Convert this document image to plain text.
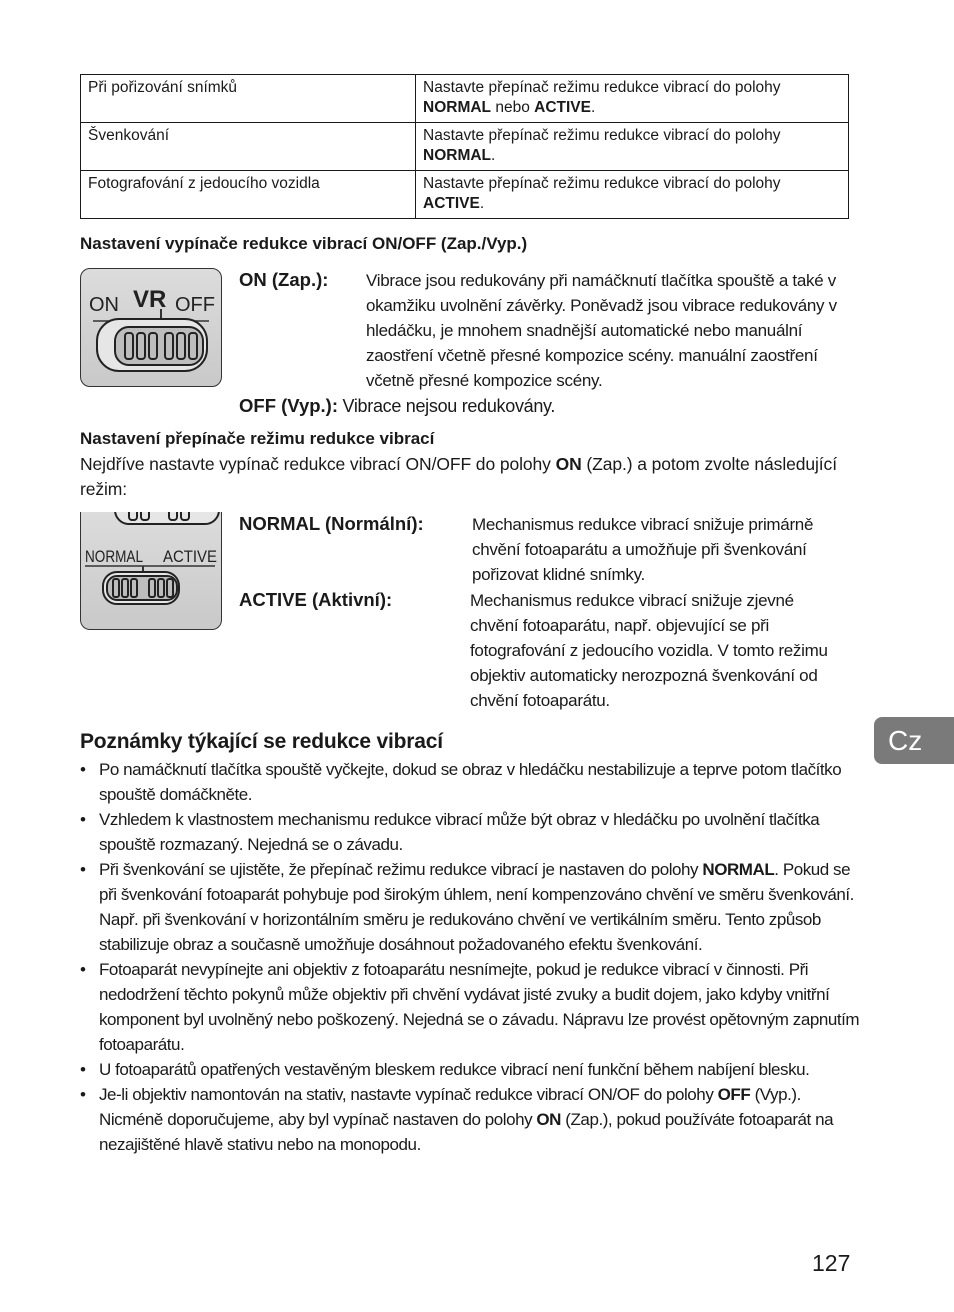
Při pořizování snímků	Nastavte přepínač režimu redukce vibrací do polohy NORMAL nebo ACTIVE.
Švenkování	Nastavte přepínač režimu redukce vibrací do polohy NORMAL.
Fotografování z jedoucího vozidla	Nastavte přepínač režimu redukce vibrací do polohy ACTIVE.
Nastavení vypínače redukce vibrací ON/OFF (Zap./Vyp.)
ON VR OFF
ON (Zap.): Vibrace jsou redukovány při namáčknutí tlačítka spouště a také v okamžiku uvolnění závěrky. Poněvadž jsou vibrace redukovány v hledáčku, je mnohem snadnější automatické nebo manuální zaostření včetně přesné kompozice scény. manuální zaostření včetně přesné kompozice scény.
OFF (Vyp.): Vibrace nejsou redukovány.
Nastavení přepínače režimu redukce vibrací
Nejdříve nastavte vypínač redukce vibrací ON/OFF do polohy ON (Zap.) a potom zvolte následující režim:
NORMAL ACTIVE
NORMAL (Normální):	Mechanismus redukce vibrací snižuje primárně chvění fotoaparátu a umožňuje při švenkování pořizovat klidné snímky.
ACTIVE (Aktivní):	Mechanismus redukce vibrací snižuje zjevné chvění fotoaparátu, např. objevující se při fotografování z jedoucího vozidla. V tomto režimu objektiv automaticky nerozpozná švenkování od chvění fotoaparátu.
Poznámky týkající se redukce vibrací
• Po namáčknutí tlačítka spouště vyčkejte, dokud se obraz v hledáčku nestabilizuje a teprve potom tlačítko spouště domáčkněte.
• Vzhledem k vlastnostem mechanismu redukce vibrací může být obraz v hledáčku po uvolnění tlačítka spouště rozmazaný. Nejedná se o závadu.
• Při švenkování se ujistěte, že přepínač režimu redukce vibrací je nastaven do polohy NORMAL. Pokud se při švenkování fotoaparát pohybuje pod širokým úhlem, není kompenzováno chvění ve směru švenkování. Např. při švenkování v horizontálním směru je redukováno chvění ve vertikálním směru. Tento způsob stabilizuje obraz a současně umožňuje dosáhnout požadovaného efektu švenkování.
• Fotoaparát nevypínejte ani objektiv z fotoaparátu nesnímejte, pokud je redukce vibrací v činnosti. Při nedodržení těchto pokynů může objektiv při chvění vydávat jisté zvuky a budit dojem, jako kdyby vnitřní komponent byl uvolněný nebo poškozený. Nejedná se o závadu. Nápravu lze provést opětovným zapnutím fotoaparátu.
• U fotoaparátů opatřených vestavěným bleskem redukce vibrací není funkční během nabíjení blesku.
• Je-li objektiv namontován na stativ, nastavte vypínač redukce vibrací ON/OF do polohy OFF (Vyp.). Nicméně doporučujeme, aby byl vypínač nastaven do polohy ON (Zap.), pokud používáte fotoaparát na nezajištěné hlavě stativu nebo na monopodu.
Cz
127
